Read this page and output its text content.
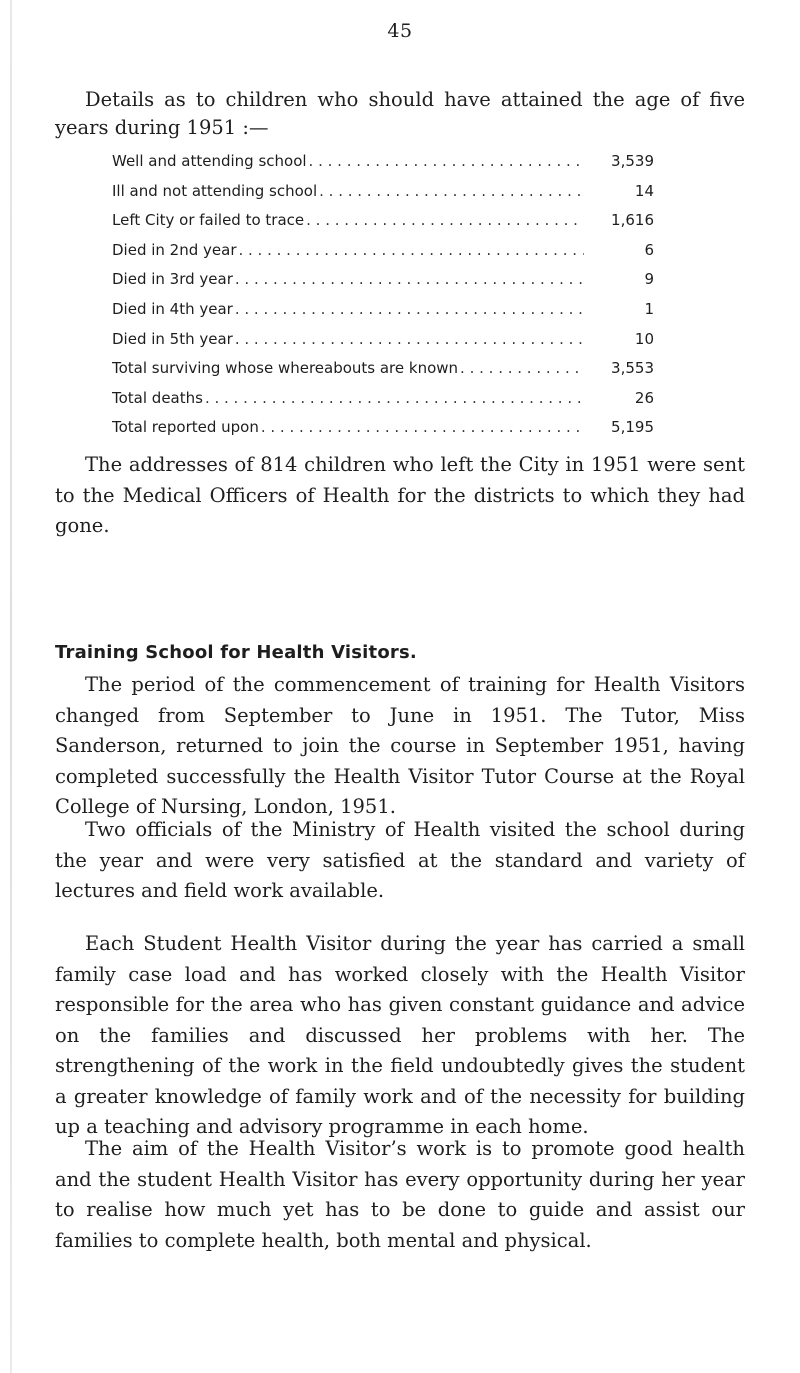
45

Details as to children who should have attained the age of five years during 1951 :—

Well and attending school . . .	3,539
Ill and not attending school . . .	14
Left City or failed to trace . . .	1,616
Died in 2nd year . . .	6
Died in 3rd year . . .	9
Died in 4th year . . .	1
Died in 5th year . . .	10
Total surviving whose whereabouts are known . . .	3,553
Total deaths . . .	26
Total reported upon . . .	5,195

The addresses of 814 children who left the City in 1951 were sent to the Medical Officers of Health for the districts to which they had gone.

Training School for Health Visitors.

The period of the commencement of training for Health Visitors changed from September to June in 1951. The Tutor, Miss Sanderson, returned to join the course in September 1951, having completed successfully the Health Visitor Tutor Course at the Royal College of Nursing, London, 1951.

Two officials of the Ministry of Health visited the school during the year and were very satisfied at the standard and variety of lectures and field work available.

Each Student Health Visitor during the year has carried a small family case load and has worked closely with the Health Visitor responsible for the area who has given constant guidance and advice on the families and discussed her problems with her. The strengthening of the work in the field undoubtedly gives the student a greater knowledge of family work and of the necessity for building up a teaching and advisory programme in each home.

The aim of the Health Visitor’s work is to promote good health and the student Health Visitor has every opportunity during her year to realise how much yet has to be done to guide and assist our families to complete health, both mental and physical.
